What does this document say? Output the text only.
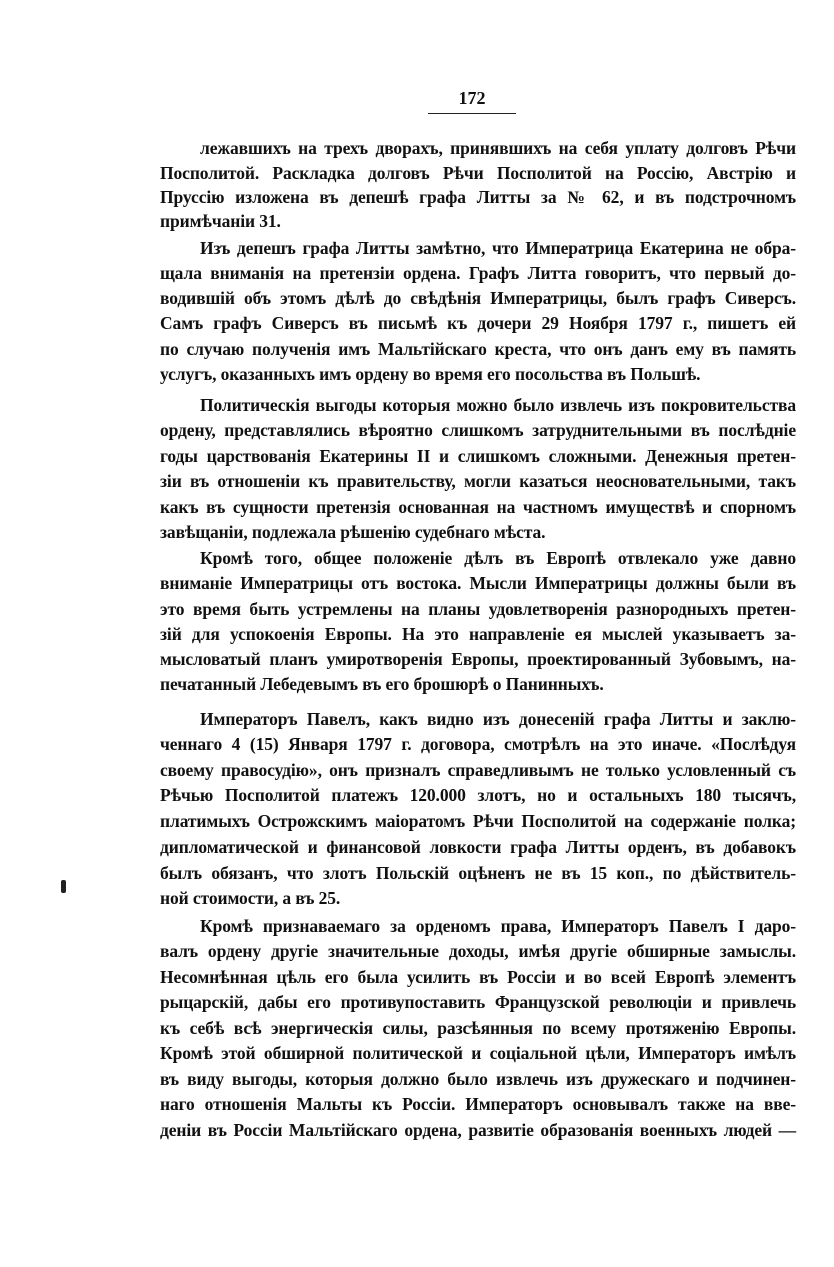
172
лежавшихъ на трехъ дворахъ, принявшихъ на себя уплату долговъ Рѣчи
Посполитой. Раскладка долговъ Рѣчи Посполитой на Россію, Австрію и
Пруссію изложена въ депешѣ графа Литты за № 62, и въ подстрочномъ
примѣчаніи 31.
Изъ депешъ графа Литты замѣтно, что Императрица Екатерина не обра-
щала вниманія на претензіи ордена. Графъ Литта говоритъ, что первый до-
водившій объ этомъ дѣлѣ до свѣдѣнія Императрицы, былъ графъ Сиверсъ.
Самъ графъ Сиверсъ въ письмѣ къ дочери 29 Ноября 1797 г., пишетъ ей
по случаю полученія имъ Мальтійскаго креста, что онъ данъ ему въ память
услугъ, оказанныхъ имъ ордену во время его посольства въ Польшѣ.
Политическія выгоды которыя можно было извлечь изъ покровительства
ордену, представлялись вѣроятно слишкомъ затруднительными въ послѣдніе
годы царствованія Екатерины II и слишкомъ сложными. Денежныя претен-
зіи въ отношеніи къ правительству, могли казаться неосновательными, такъ
какъ въ сущности претензія основанная на частномъ имуществѣ и спорномъ
завѣщаніи, подлежала рѣшенію судебнаго мѣста.
Кромѣ того, общее положеніе дѣлъ въ Европѣ отвлекало уже давно
вниманіе Императрицы отъ востока. Мысли Императрицы должны были въ
это время быть устремлены на планы удовлетворенія разнородныхъ претен-
зій для успокоенія Европы. На это направленіе ея мыслей указываетъ за-
мысловатый планъ умиротворенія Европы, проектированный Зубовымъ, на-
печатанный Лебедевымъ въ его брошюрѣ о Панинныхъ.
Императоръ Павелъ, какъ видно изъ донесеній графа Литты и заклю-
ченнаго 4 (15) Января 1797 г. договора, смотрѣлъ на это иначе. «Послѣдуя
своему правосудію», онъ призналъ справедливымъ не только условленный съ
Рѣчью Посполитой платежъ 120.000 злотъ, но и остальныхъ 180 тысячъ,
платимыхъ Острожскимъ маіоратомъ Рѣчи Посполитой на содержаніе полка;
дипломатической и финансовой ловкости графа Литты орденъ, въ добавокъ
былъ обязанъ, что злотъ Польскій оцѣненъ не въ 15 коп., по дѣйствитель-
ной стоимости, а въ 25.
Кромѣ признаваемаго за орденомъ права, Императоръ Павелъ I даро-
валъ ордену другіе значительные доходы, имѣя другіе обширные замыслы.
Несомнѣнная цѣль его была усилить въ Россіи и во всей Европѣ элементъ
рыцарскій, дабы его противупоставить Французской революціи и привлечь
къ себѣ всѣ энергическія силы, разсѣянныя по всему протяженію Европы.
Кромѣ этой обширной политической и соціальной цѣли, Императоръ имѣлъ
въ виду выгоды, которыя должно было извлечь изъ дружескаго и подчинен-
наго отношенія Мальты къ Россіи. Императоръ основывалъ также на вве-
деніи въ Россіи Мальтійскаго ордена, развитіе образованія военныхъ людей —
